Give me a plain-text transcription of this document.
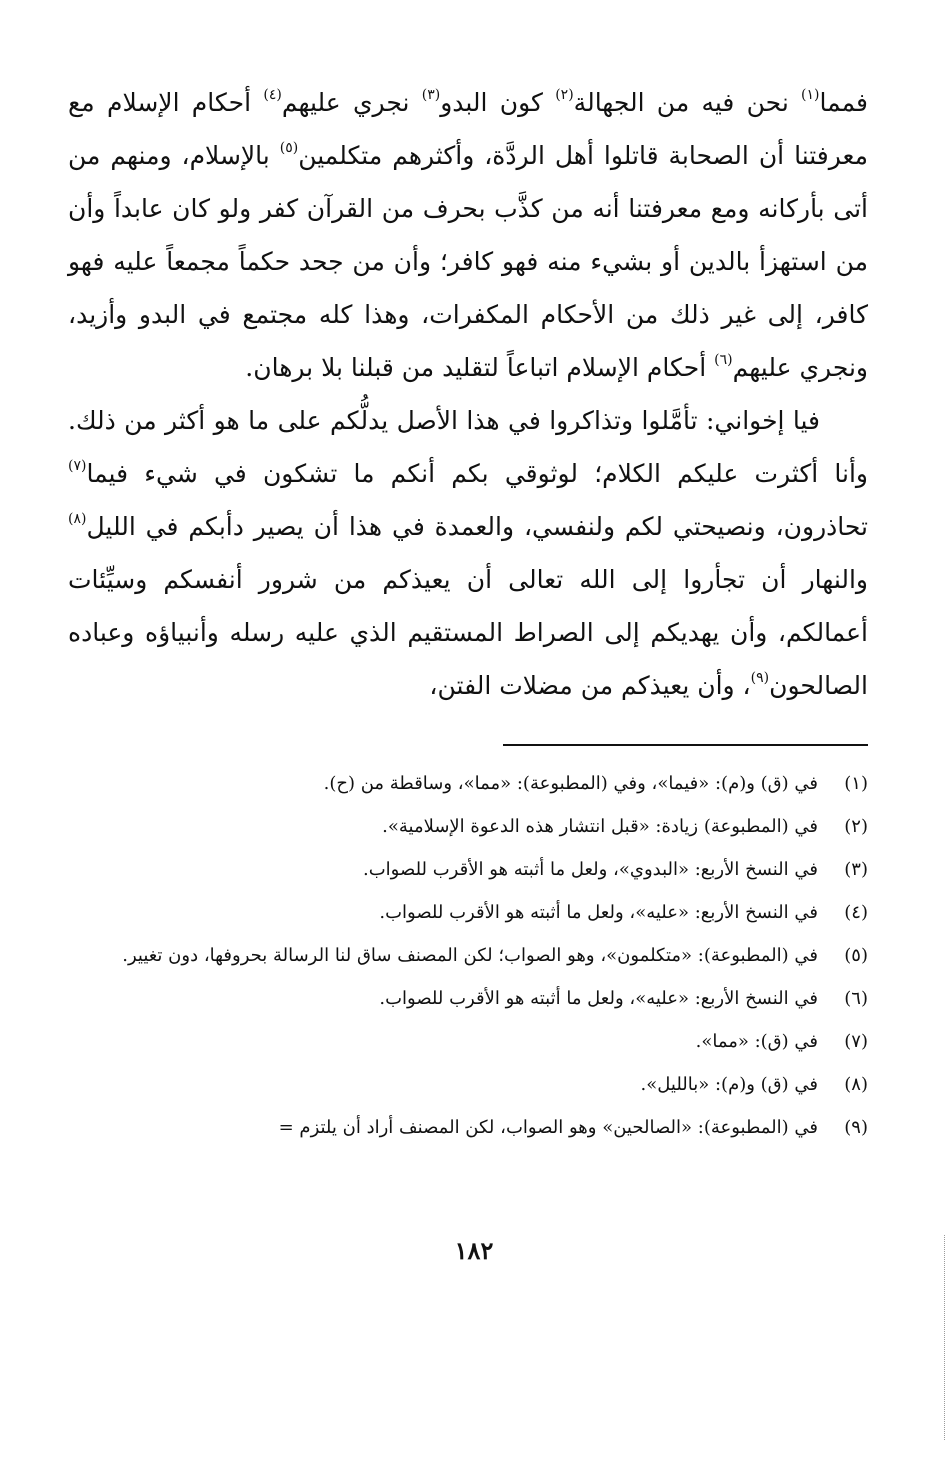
فمما$^{(١)}$ نحن فيه من الجهالة$^{(٢)}$ كون البدو$^{(٣)}$ نجري عليهم$^{(٤)}$ أحكام الإسلام مع معرفتنا أن الصحابة قاتلوا أهل الردَّة، وأكثرهم متكلمين$^{(٥)}$ بالإسلام، ومنهم من أتى بأركانه ومع معرفتنا أنه من كذَّب بحرف من القرآن كفر ولو كان عابداً وأن من استهزأ بالدين أو بشيء منه فهو كافر؛ وأن من جحد حكماً مجمعاً عليه فهو كافر، إلى غير ذلك من الأحكام المكفرات، وهذا كله مجتمع في البدو وأزيد، ونجري عليهم$^{(٦)}$ أحكام الإسلام اتباعاً لتقليد من قبلنا بلا برهان.

فيا إخواني: تأمَّلوا وتذاكروا في هذا الأصل يدلُّكم على ما هو أكثر من ذلك. وأنا أكثرت عليكم الكلام؛ لوثوقي بكم أنكم ما تشكون في شيء فيما$^{(٧)}$ تحاذرون، ونصيحتي لكم ولنفسي، والعمدة في هذا أن يصير دأبكم في الليل$^{(٨)}$ والنهار أن تجأروا إلى الله تعالى أن يعيذكم من شرور أنفسكم وسيِّئات أعمالكم، وأن يهديكم إلى الصراط المستقيم الذي عليه رسله وأنبياؤه وعباده الصالحون$^{(٩)}$، وأن يعيذكم من مضلات الفتن،

(١)
في (ق) و(م): «فيما»، وفي (المطبوعة): «مما»، وساقطة من (ح).
(٢)
في (المطبوعة) زيادة: «قبل انتشار هذه الدعوة الإسلامية».
(٣)
في النسخ الأربع: «البدوي»، ولعل ما أثبته هو الأقرب للصواب.
(٤)
في النسخ الأربع: «عليه»، ولعل ما أثبته هو الأقرب للصواب.
(٥)
في (المطبوعة): «متكلمون»، وهو الصواب؛ لكن المصنف ساق لنا الرسالة بحروفها، دون تغيير.
(٦)
في النسخ الأربع: «عليه»، ولعل ما أثبته هو الأقرب للصواب.
(٧)
في (ق): «مما».
(٨)
في (ق) و(م): «بالليل».
(٩)
في (المطبوعة): «الصالحين» وهو الصواب، لكن المصنف أراد أن يلتزم =
١٨٢
